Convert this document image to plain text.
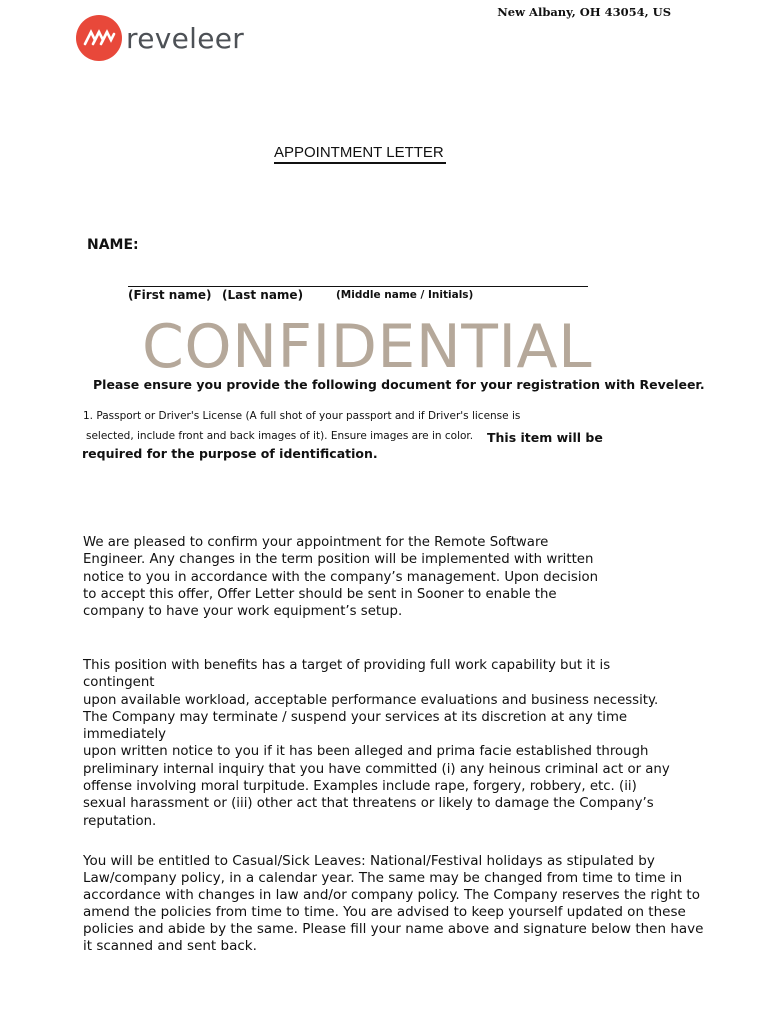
reveleer
New Albany, OH 43054, US
APPOINTMENT LETTER
NAME:
(First name) (Last name)	(Middle name / Initials)
CONFIDENTIAL
Please ensure you provide the following document for your registration with Reveleer.
1. Passport or Driver's License (A full shot of your passport and if Driver's license is
selected, include front and back images of it). Ensure images are in color. This item will be
required for the purpose of identification.
We are pleased to confirm your appointment for the Remote Software
Engineer. Any changes in the term position will be implemented with written
notice to you in accordance with the company’s management. Upon decision
to accept this offer, Offer Letter should be sent in Sooner to enable the
company to have your work equipment’s setup.
This position with benefits has a target of providing full work capability but it is
contingent
upon available workload, acceptable performance evaluations and business necessity.
The Company may terminate / suspend your services at its discretion at any time
immediately
upon written notice to you if it has been alleged and prima facie established through
preliminary internal inquiry that you have committed (i) any heinous criminal act or any
offense involving moral turpitude. Examples include rape, forgery, robbery, etc. (ii)
sexual harassment or (iii) other act that threatens or likely to damage the Company’s
reputation.
You will be entitled to Casual/Sick Leaves: National/Festival holidays as stipulated by
Law/company policy, in a calendar year. The same may be changed from time to time in
accordance with changes in law and/or company policy. The Company reserves the right to
amend the policies from time to time. You are advised to keep yourself updated on these
policies and abide by the same. Please fill your name above and signature below then have
it scanned and sent back.
